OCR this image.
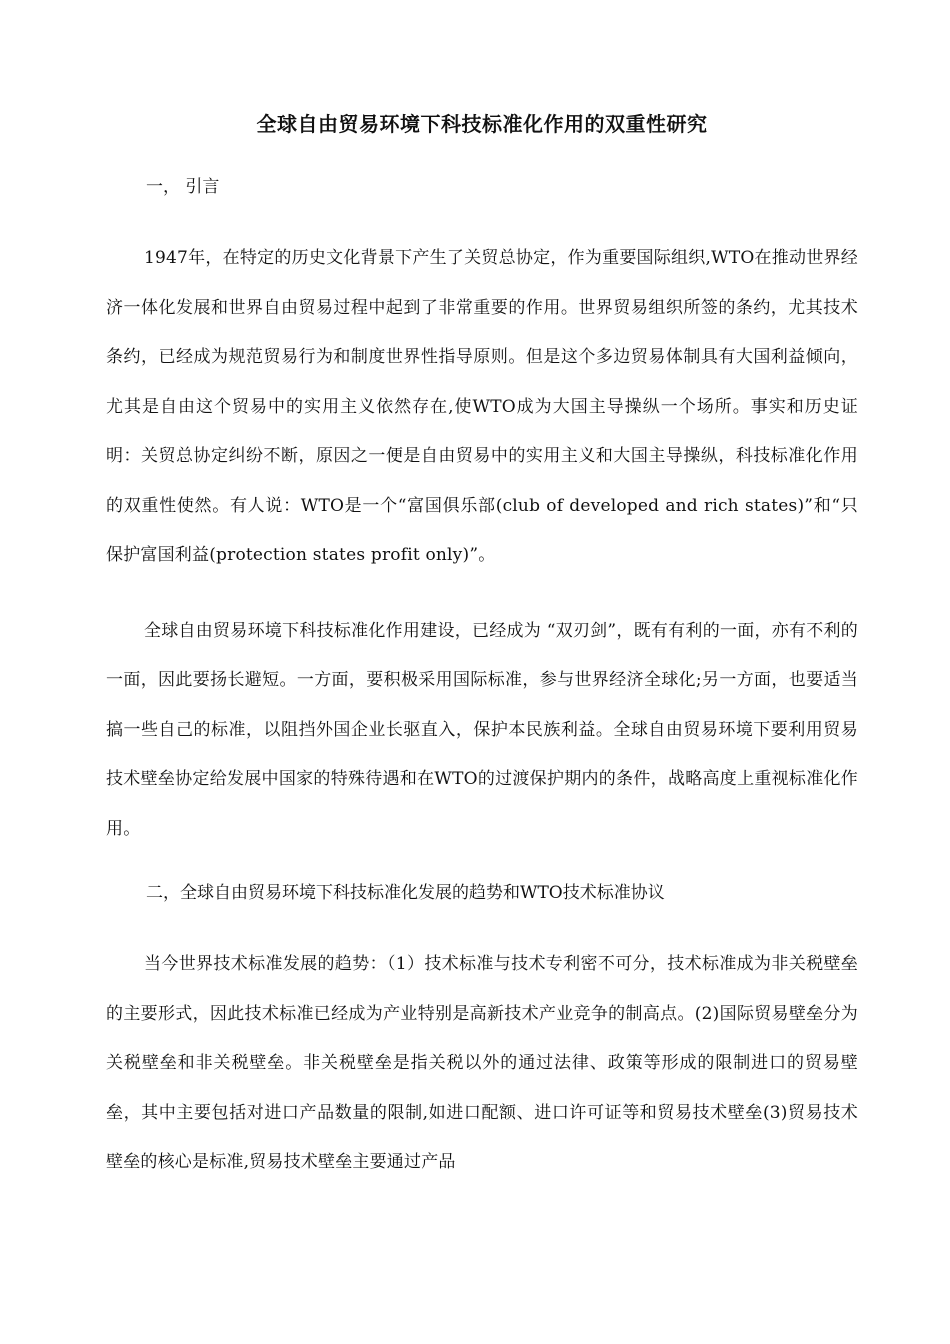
全球自由贸易环境下科技标准化作用的双重性研究
一， 引言

1947年，在特定的历史文化背景下产生了关贸总协定，作为重要国际组织,WTO在推动世界经济一体化发展和世界自由贸易过程中起到了非常重要的作用。世界贸易组织所签的条约，尤其技术条约，已经成为规范贸易行为和制度世界性指导原则。但是这个多边贸易体制具有大国利益倾向，尤其是自由这个贸易中的实用主义依然存在,使WTO成为大国主导操纵一个场所。事实和历史证明：关贸总协定纠纷不断，原因之一便是自由贸易中的实用主义和大国主导操纵，科技标准化作用的双重性使然。有人说：WTO是一个“富国俱乐部(club of developed and rich states)”和“只保护富国利益(protection states profit only)”。

全球自由贸易环境下科技标准化作用建设，已经成为 “双刃剑”，既有有利的一面，亦有不利的一面，因此要扬长避短。一方面，要积极采用国际标准，参与世界经济全球化;另一方面，也要适当搞一些自己的标准，以阻挡外国企业长驱直入，保护本民族利益。全球自由贸易环境下要利用贸易技术壁垒协定给发展中国家的特殊待遇和在WTO的过渡保护期内的条件，战略高度上重视标准化作用。

二，全球自由贸易环境下科技标准化发展的趋势和WTO技术标准协议

当今世界技术标准发展的趋势：（1）技术标准与技术专利密不可分，技术标准成为非关税壁垒的主要形式，因此技术标准已经成为产业特别是高新技术产业竞争的制高点。(2)国际贸易壁垒分为关税壁垒和非关税壁垒。非关税壁垒是指关税以外的通过法律、政策等形成的限制进口的贸易壁垒，其中主要包括对进口产品数量的限制,如进口配额、进口许可证等和贸易技术壁垒(3)贸易技术壁垒的核心是标准,贸易技术壁垒主要通过产品
